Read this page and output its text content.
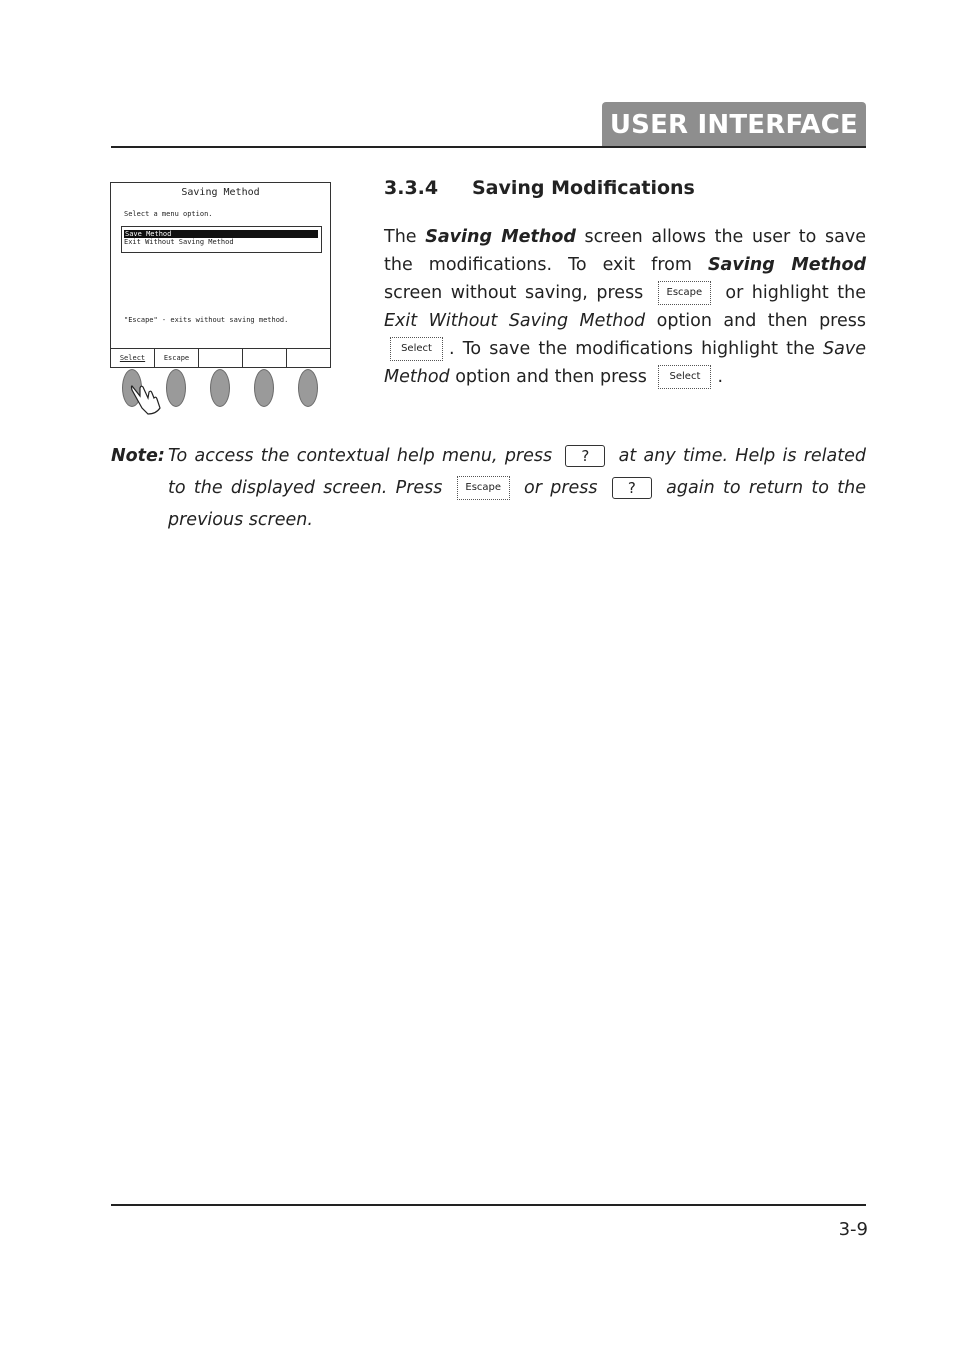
USER INTERFACE
Saving Method
Select a menu option.
Save Method
Exit Without Saving Method
"Escape" - exits without saving method.
Select	Escape
3.3.4 Saving Modifications

The Saving Method screen allows the user to save the modifications. To exit from Saving Method screen without saving, press Escape or highlight the Exit Without Saving Method option and then press Select . To save the modifications highlight the Save Method option and then press Select .

Note: To access the contextual help menu, press ? at any time. Help is related to the displayed screen. Press Escape or press ? again to return to the previous screen.
3-9
